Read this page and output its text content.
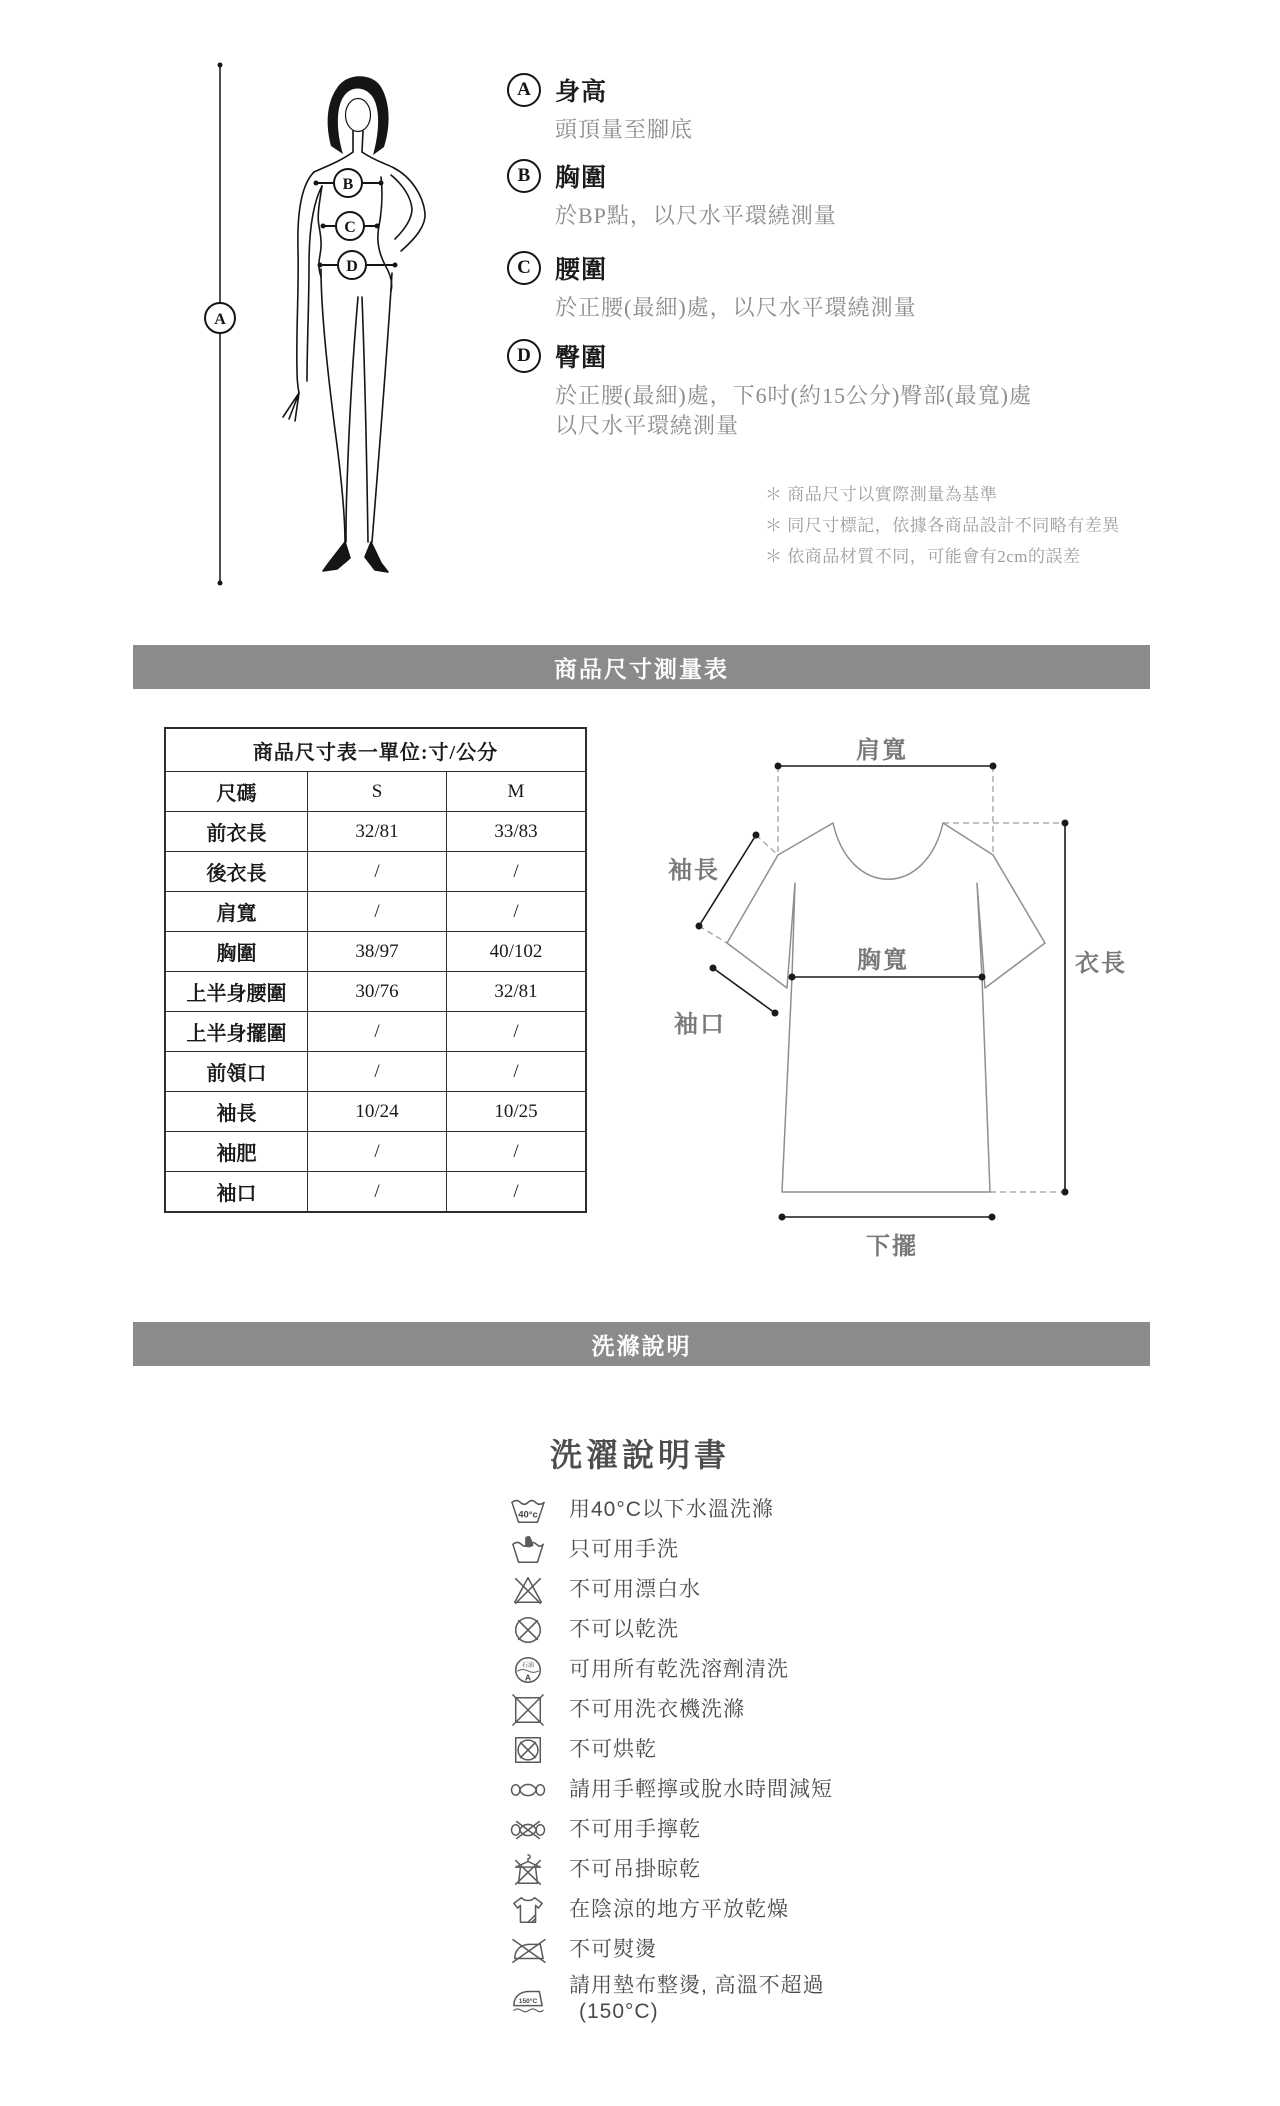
A
B
C
D
A 身高
頭頂量至腳底
B 胸圍
於BP點，以尺水平環繞測量
C 腰圍
於正腰(最細)處，以尺水平環繞測量
D 臀圍
於正腰(最細)處，下6吋(約15公分)臀部(最寬)處
以尺水平環繞測量
＊ 商品尺寸以實際測量為基準
＊ 同尺寸標記，依據各商品設計不同略有差異
＊ 依商品材質不同，可能會有2cm的誤差
商品尺寸測量表
商品尺寸表一單位:寸/公分		
尺碼	S	M
前衣長	32/81	33/83
後衣長	/	/
肩寬	/	/
胸圍	38/97	40/102
上半身腰圍	30/76	32/81
上半身擺圍	/	/
前領口	/	/
袖長	10/24	10/25
袖肥	/	/
袖口	/	/
肩寬
袖長
胸寬	衣長
袖口
下擺
洗滌說明
洗濯說明書
40°c 用40°C以下水溫洗滌
只可用手洗
不可用漂白水
不可以乾洗
石油
A 可用所有乾洗溶劑清洗
不可用洗衣機洗滌
不可烘乾
請用手輕擰或脫水時間減短
不可用手擰乾
不可吊掛晾乾
在陰涼的地方平放乾燥
不可熨燙
150°C
請用墊布整燙, 高溫不超過
(150°C)
